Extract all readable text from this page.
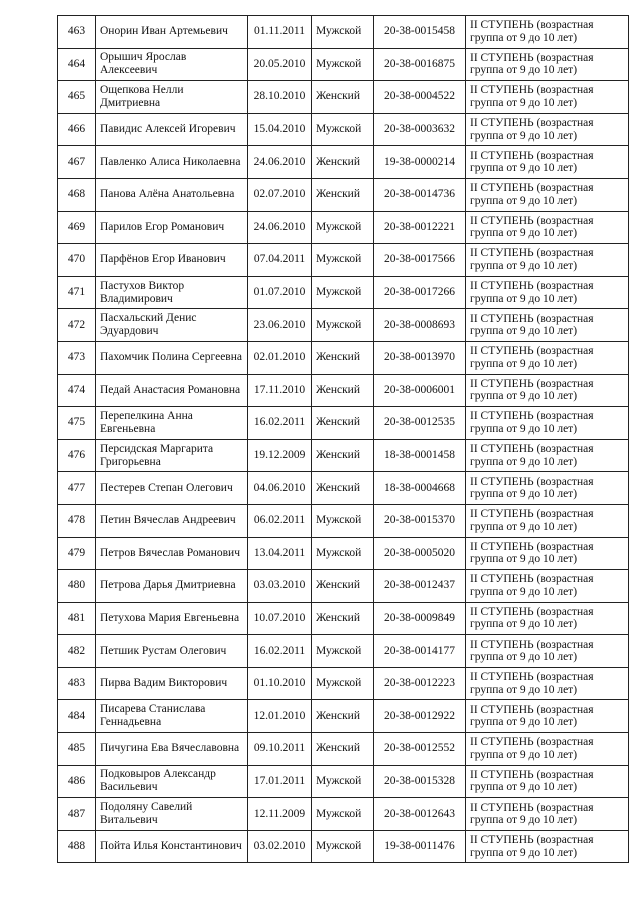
463	Онорин Иван Артемьевич	01.11.2011	Мужской	20-38-0015458	II СТУПЕНЬ (возрастная
группа от 9 до 10 лет)

464	Орышич Ярослав Алексеевич	20.05.2010	Мужской	20-38-0016875	II СТУПЕНЬ (возрастная
группа от 9 до 10 лет)

465	Ощепкова Нелли Дмитриевна	28.10.2010	Женский	20-38-0004522	II СТУПЕНЬ (возрастная
группа от 9 до 10 лет)

466	Павидис Алексей Игоревич	15.04.2010	Мужской	20-38-0003632	II СТУПЕНЬ (возрастная
группа от 9 до 10 лет)

467	Павленко Алиса Николаевна	24.06.2010	Женский	19-38-0000214	II СТУПЕНЬ (возрастная
группа от 9 до 10 лет)

468	Панова Алёна Анатольевна	02.07.2010	Женский	20-38-0014736	II СТУПЕНЬ (возрастная
группа от 9 до 10 лет)

469	Парилов Егор Романович	24.06.2010	Мужской	20-38-0012221	II СТУПЕНЬ (возрастная
группа от 9 до 10 лет)

470	Парфёнов Егор Иванович	07.04.2011	Мужской	20-38-0017566	II СТУПЕНЬ (возрастная
группа от 9 до 10 лет)

471	Пастухов Виктор Владимирович	01.07.2010	Мужской	20-38-0017266	II СТУПЕНЬ (возрастная
группа от 9 до 10 лет)

472	Пасхальский Денис Эдуардович	23.06.2010	Мужской	20-38-0008693	II СТУПЕНЬ (возрастная
группа от 9 до 10 лет)

473	Пахомчик Полина Сергеевна	02.01.2010	Женский	20-38-0013970	II СТУПЕНЬ (возрастная
группа от 9 до 10 лет)

474	Педай Анастасия Романовна	17.11.2010	Женский	20-38-0006001	II СТУПЕНЬ (возрастная
группа от 9 до 10 лет)

475	Перепелкина Анна Евгеньевна	16.02.2011	Женский	20-38-0012535	II СТУПЕНЬ (возрастная
группа от 9 до 10 лет)

476	Персидская Маргарита Григорьевна	19.12.2009	Женский	18-38-0001458	II СТУПЕНЬ (возрастная
группа от 9 до 10 лет)

477	Пестерев Степан Олегович	04.06.2010	Женский	18-38-0004668	II СТУПЕНЬ (возрастная
группа от 9 до 10 лет)

478	Петин Вячеслав Андреевич	06.02.2011	Мужской	20-38-0015370	II СТУПЕНЬ (возрастная
группа от 9 до 10 лет)

479	Петров Вячеслав Романович	13.04.2011	Мужской	20-38-0005020	II СТУПЕНЬ (возрастная
группа от 9 до 10 лет)

480	Петрова Дарья Дмитриевна	03.03.2010	Женский	20-38-0012437	II СТУПЕНЬ (возрастная
группа от 9 до 10 лет)

481	Петухова Мария Евгеньевна	10.07.2010	Женский	20-38-0009849	II СТУПЕНЬ (возрастная
группа от 9 до 10 лет)

482	Петшик Рустам Олегович	16.02.2011	Мужской	20-38-0014177	II СТУПЕНЬ (возрастная
группа от 9 до 10 лет)

483	Пирва Вадим Викторович	01.10.2010	Мужской	20-38-0012223	II СТУПЕНЬ (возрастная
группа от 9 до 10 лет)

484	Писарева Станислава Геннадьевна	12.01.2010	Женский	20-38-0012922	II СТУПЕНЬ (возрастная
группа от 9 до 10 лет)

485	Пичугина Ева Вячеславовна	09.10.2011	Женский	20-38-0012552	II СТУПЕНЬ (возрастная
группа от 9 до 10 лет)

486	Подковыров Александр Васильевич	17.01.2011	Мужской	20-38-0015328	II СТУПЕНЬ (возрастная
группа от 9 до 10 лет)

487	Подоляну Савелий Витальевич	12.11.2009	Мужской	20-38-0012643	II СТУПЕНЬ (возрастная
группа от 9 до 10 лет)

488	Пойта Илья Константинович	03.02.2010	Мужской	19-38-0011476	II СТУПЕНЬ (возрастная
группа от 9 до 10 лет)
